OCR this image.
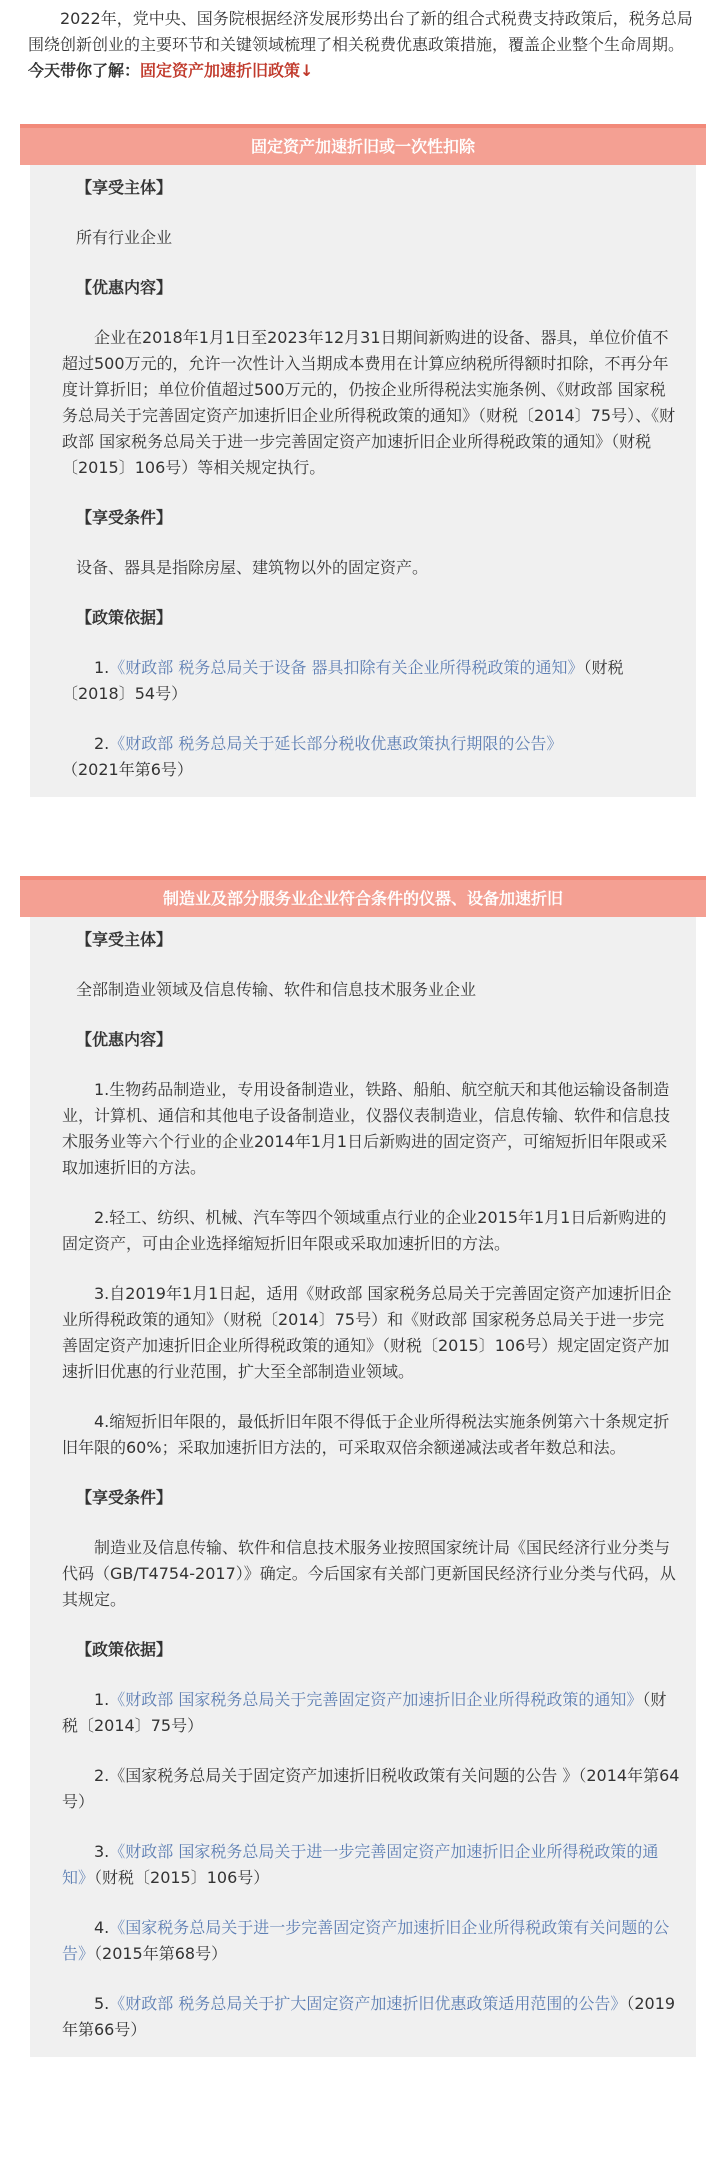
2022年，党中央、国务院根据经济发展形势出台了新的组合式税费支持政策后，税务总局围绕创新创业的主要环节和关键领域梳理了相关税费优惠政策措施，覆盖企业整个生命周期。今天带你了解：固定资产加速折旧政策↓
固定资产加速折旧或一次性扣除

【享受主体】

所有行业企业

【优惠内容】

企业在2018年1月1日至2023年12月31日期间新购进的设备、器具，单位价值不超过500万元的，允许一次性计入当期成本费用在计算应纳税所得额时扣除，不再分年度计算折旧；单位价值超过500万元的，仍按企业所得税法实施条例、《财政部 国家税务总局关于完善固定资产加速折旧企业所得税政策的通知》（财税〔2014〕75号）、《财政部 国家税务总局关于进一步完善固定资产加速折旧企业所得税政策的通知》（财税〔2015〕106号）等相关规定执行。

【享受条件】

设备、器具是指除房屋、建筑物以外的固定资产。

【政策依据】

1.《财政部 税务总局关于设备 器具扣除有关企业所得税政策的通知》（财税〔2018〕54号）

2.《财政部 税务总局关于延长部分税收优惠政策执行期限的公告》（2021年第6号）

制造业及部分服务业企业符合条件的仪器、设备加速折旧

【享受主体】

全部制造业领域及信息传输、软件和信息技术服务业企业

【优惠内容】

1.生物药品制造业，专用设备制造业，铁路、船舶、航空航天和其他运输设备制造业，计算机、通信和其他电子设备制造业，仪器仪表制造业，信息传输、软件和信息技术服务业等六个行业的企业2014年1月1日后新购进的固定资产，可缩短折旧年限或采取加速折旧的方法。

2.轻工、纺织、机械、汽车等四个领域重点行业的企业2015年1月1日后新购进的固定资产，可由企业选择缩短折旧年限或采取加速折旧的方法。

3.自2019年1月1日起，适用《财政部 国家税务总局关于完善固定资产加速折旧企业所得税政策的通知》（财税〔2014〕75号）和《财政部 国家税务总局关于进一步完善固定资产加速折旧企业所得税政策的通知》（财税〔2015〕106号）规定固定资产加速折旧优惠的行业范围，扩大至全部制造业领域。

4.缩短折旧年限的，最低折旧年限不得低于企业所得税法实施条例第六十条规定折旧年限的60%；采取加速折旧方法的，可采取双倍余额递减法或者年数总和法。

【享受条件】

制造业及信息传输、软件和信息技术服务业按照国家统计局《国民经济行业分类与代码（GB/T4754-2017）》确定。今后国家有关部门更新国民经济行业分类与代码，从其规定。

【政策依据】

1.《财政部 国家税务总局关于完善固定资产加速折旧企业所得税政策的通知》（财税〔2014〕75号）

2.《国家税务总局关于固定资产加速折旧税收政策有关问题的公告 》（2014年第64号）

3.《财政部 国家税务总局关于进一步完善固定资产加速折旧企业所得税政策的通知》（财税〔2015〕106号）

4.《国家税务总局关于进一步完善固定资产加速折旧企业所得税政策有关问题的公告》（2015年第68号）

5.《财政部 税务总局关于扩大固定资产加速折旧优惠政策适用范围的公告》（2019年第66号）
